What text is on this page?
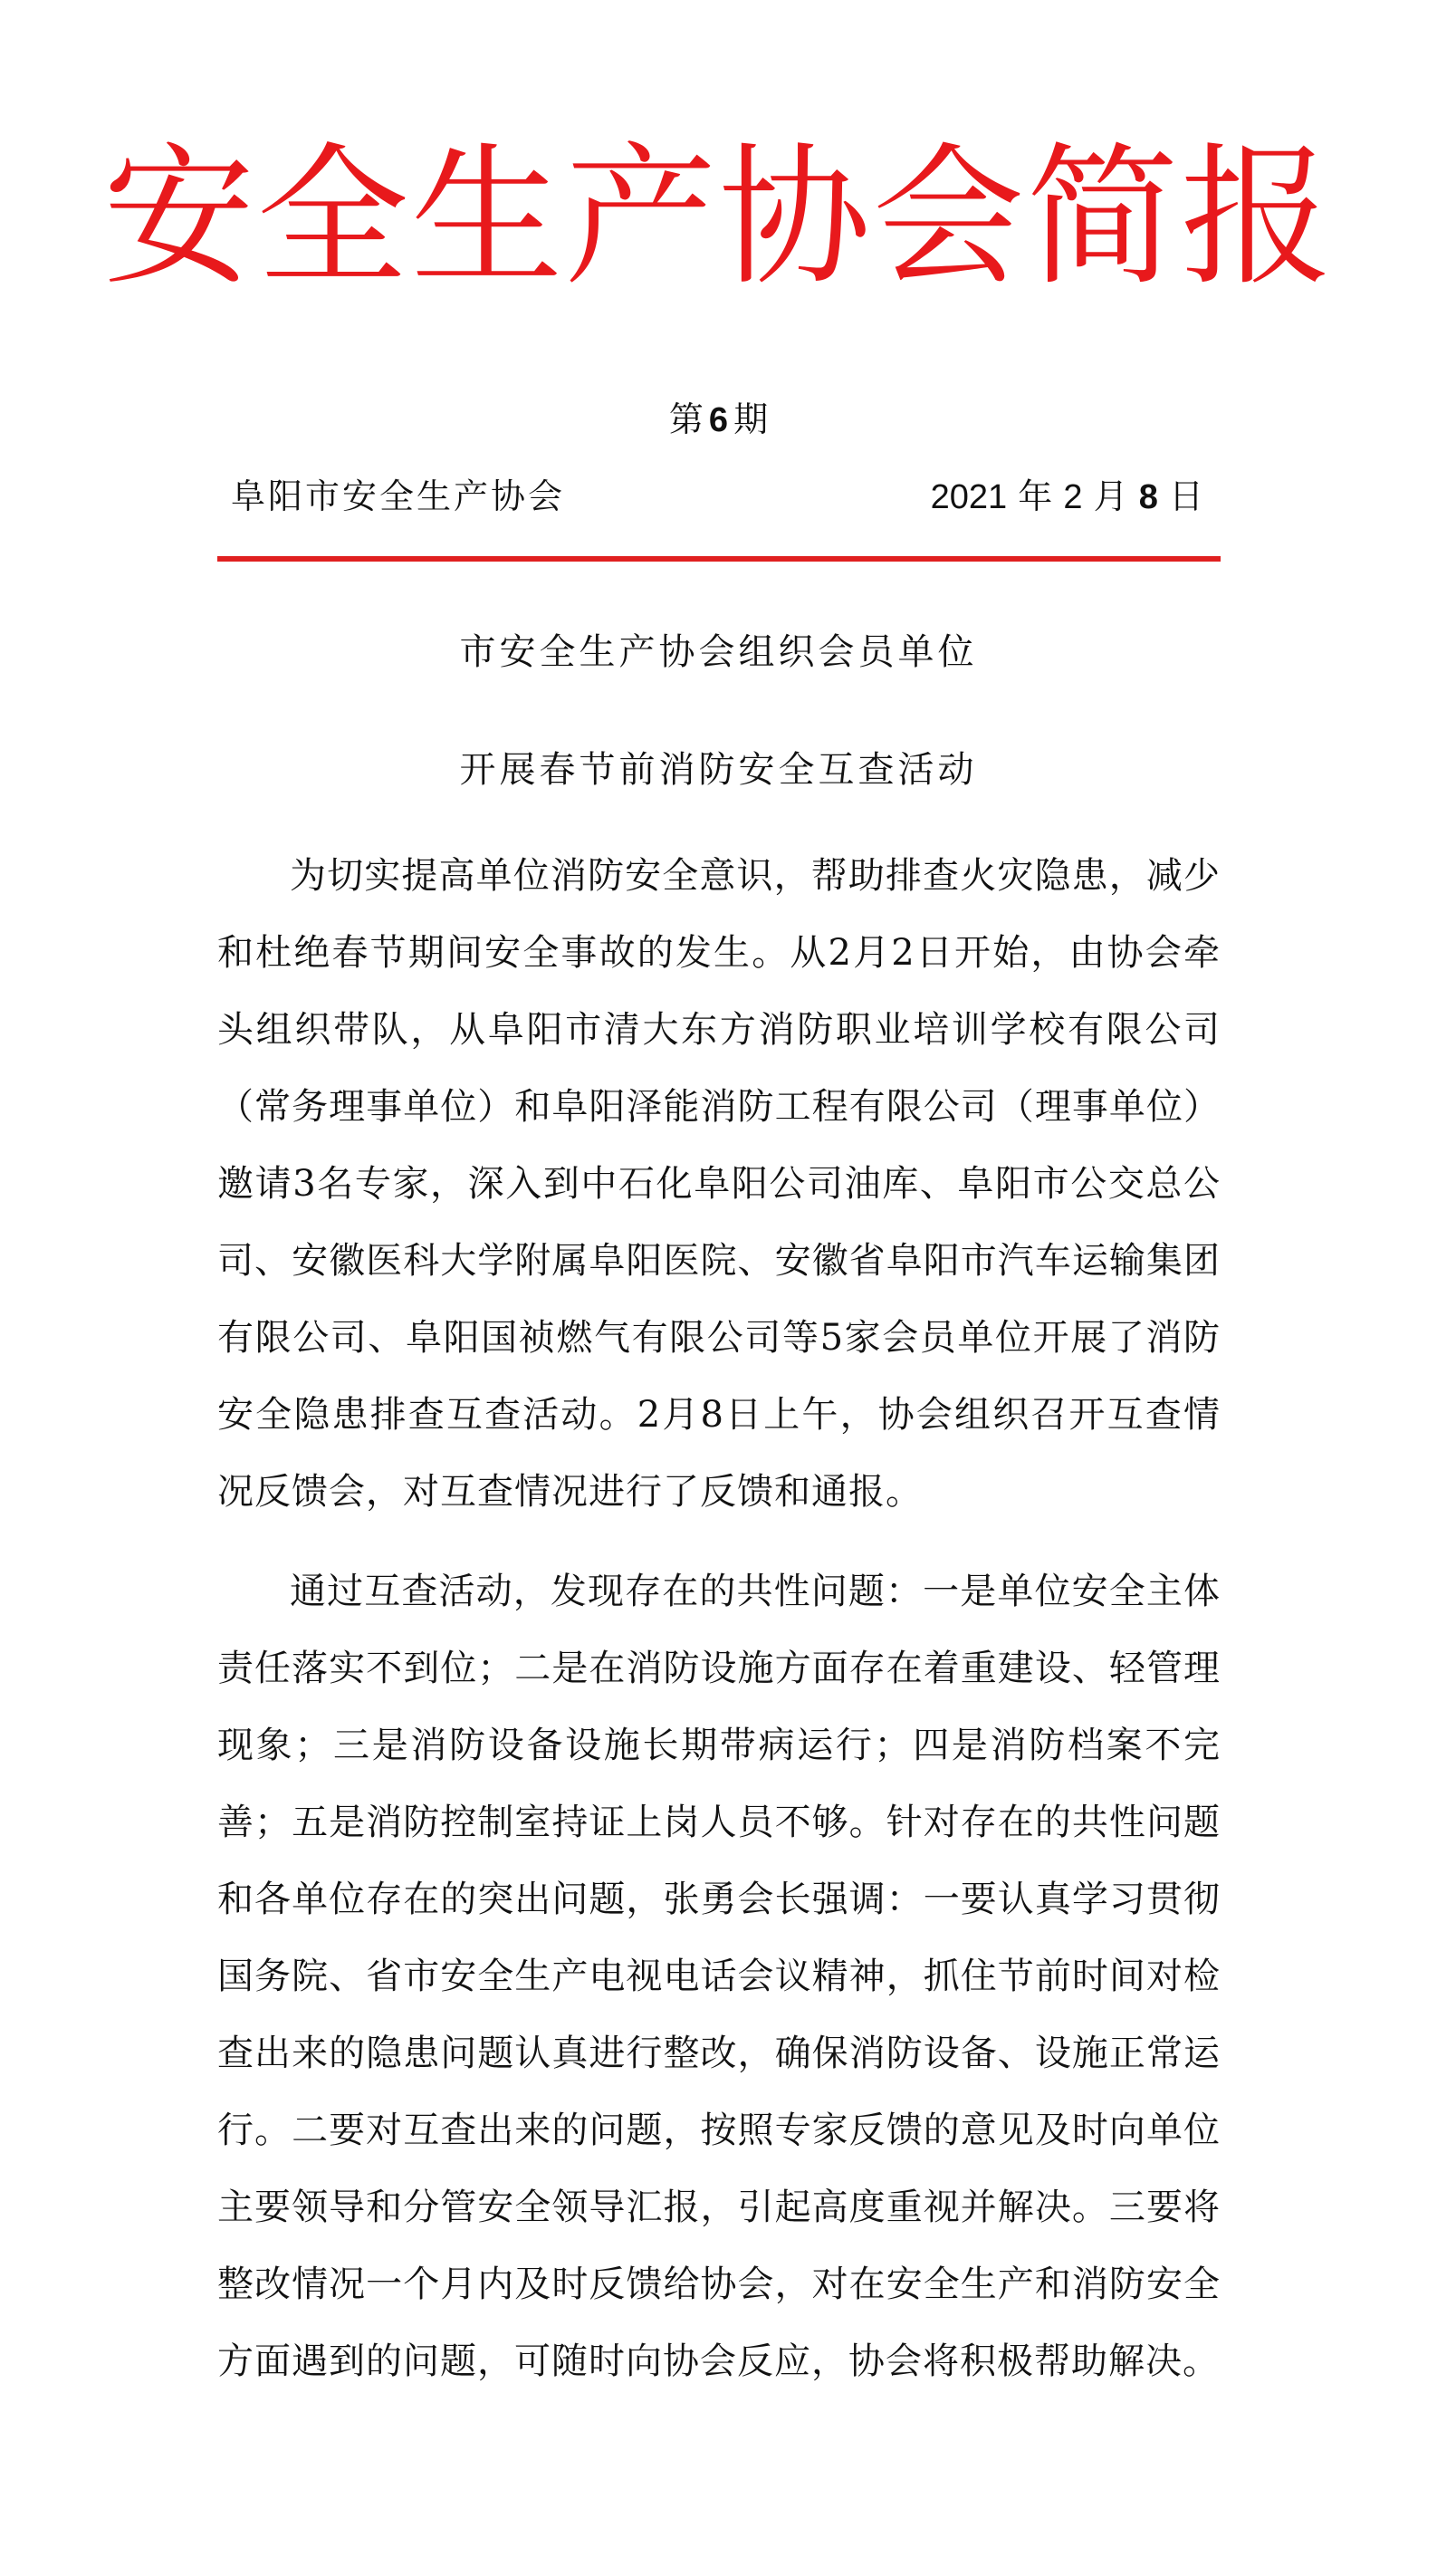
安全生产协会简报
第 6 期
阜阳市安全生产协会	2021 年 2 月 8 日
市安全生产协会组织会员单位
开展春节前消防安全互查活动

为切实提高单位消防安全意识，帮助排查火灾隐患，减少和杜绝春节期间安全事故的发生。从2月2日开始，由协会牵头组织带队，从阜阳市清大东方消防职业培训学校有限公司（常务理事单位）和阜阳泽能消防工程有限公司（理事单位）邀请3名专家，深入到中石化阜阳公司油库、阜阳市公交总公司、安徽医科大学附属阜阳医院、安徽省阜阳市汽车运输集团有限公司、阜阳国祯燃气有限公司等5家会员单位开展了消防安全隐患排查互查活动。2月8日上午，协会组织召开互查情况反馈会，对互查情况进行了反馈和通报。

通过互查活动，发现存在的共性问题：一是单位安全主体责任落实不到位；二是在消防设施方面存在着重建设、轻管理现象；三是消防设备设施长期带病运行；四是消防档案不完善；五是消防控制室持证上岗人员不够。针对存在的共性问题和各单位存在的突出问题，张勇会长强调：一要认真学习贯彻国务院、省市安全生产电视电话会议精神，抓住节前时间对检查出来的隐患问题认真进行整改，确保消防设备、设施正常运行。二要对互查出来的问题，按照专家反馈的意见及时向单位主要领导和分管安全领导汇报，引起高度重视并解决。三要将整改情况一个月内及时反馈给协会，对在安全生产和消防安全方面遇到的问题，可随时向协会反应，协会将积极帮助解决。
